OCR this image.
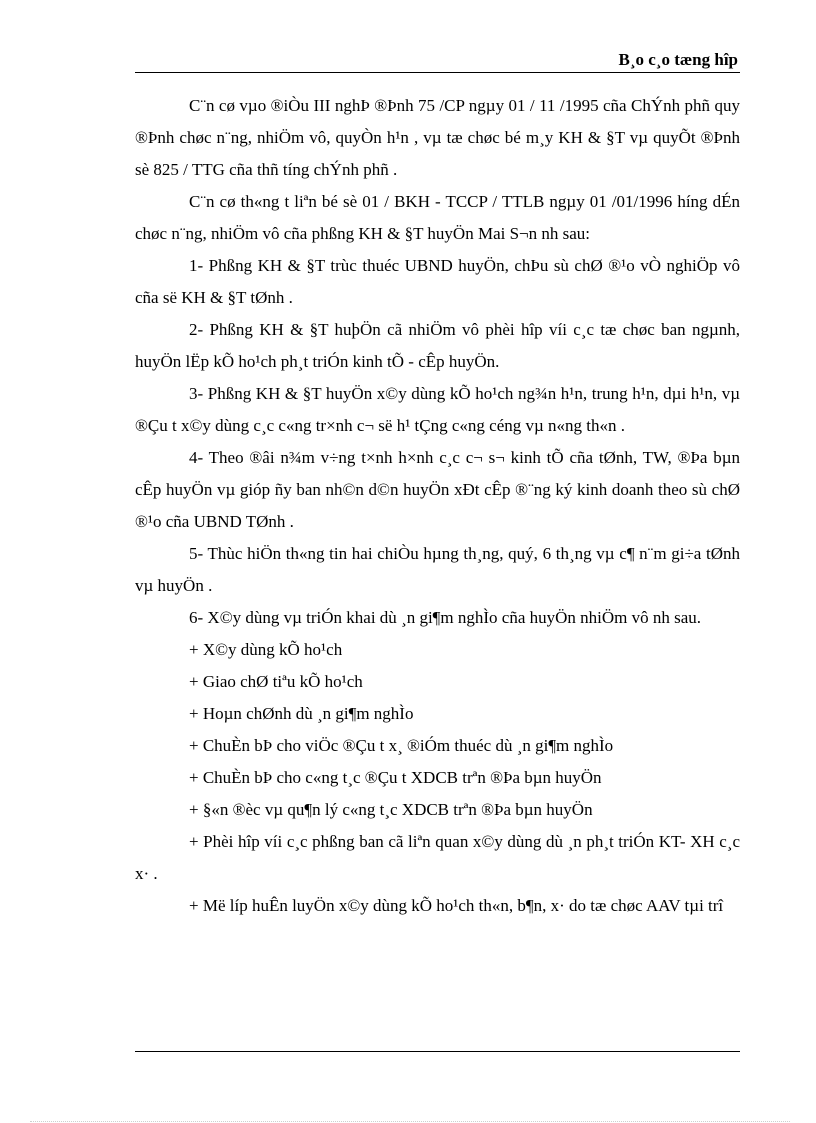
B¸o c¸o tæng hîp

C¨n cø vµo ®iÒu III nghÞ ®Þnh 75 /CP ngµy 01 / 11 /1995 cña ChÝnh phñ quy ®Þnh chøc n¨ng, nhiÖm vô, quyÒn h¹n , vµ tæ chøc bé m¸y KH & §T vµ quyÕt ®Þnh sè 825 / TTG cña thñ tíng chÝnh phñ .

C¨n cø th«ng t liªn bé sè 01 / BKH - TCCP / TTLB ngµy 01 /01/1996 híng dÉn chøc n¨ng, nhiÖm vô cña phßng KH & §T huyÖn Mai S¬n nh sau:

1- Phßng KH & §T trùc thuéc UBND huyÖn, chÞu sù chØ ®¹o vÒ nghiÖp vô cña së KH & §T tØnh .

2- Phßng KH & §T huþÖn cã nhiÖm vô phèi hîp víi c¸c tæ chøc ban ngµnh, huyÖn lËp kÕ ho¹ch ph¸t triÓn kinh tÕ - cÊp huyÖn.

3- Phßng KH & §T huyÖn x©y dùng kÕ ho¹ch ng¾n h¹n, trung h¹n, dµi h¹n, vµ ®Çu t x©y dùng c¸c c«ng tr×nh c¬ së h¹ tÇng c«ng céng vµ n«ng th«n .

4- Theo ®âi n¾m v÷ng t×nh h×nh c¸c c¬ s¬ kinh tÕ cña tØnh, TW, ®Þa bµn cÊp huyÖn vµ gióp ñy ban nh©n d©n huyÖn xÐt cÊp ®¨ng ký kinh doanh theo sù chØ ®¹o cña UBND TØnh .

5- Thùc hiÖn th«ng tin hai chiÒu hµng th¸ng, quý, 6 th¸ng vµ c¶ n¨m gi÷a tØnh vµ huyÖn .

6- X©y dùng vµ triÓn khai dù ¸n gi¶m nghÌo cña huyÖn nhiÖm vô nh sau.

+ X©y dùng kÕ ho¹ch

+ Giao chØ tiªu kÕ ho¹ch

+ Hoµn chØnh dù ¸n gi¶m nghÌo

+ ChuÈn bÞ cho viÖc ®Çu t x¸ ®iÓm thuéc dù ¸n gi¶m nghÌo

+ ChuÈn bÞ cho c«ng t¸c ®Çu t XDCB trªn ®Þa bµn huyÖn

+ §«n ®èc vµ qu¶n lý c«ng t¸c XDCB trªn ®Þa bµn huyÖn

+ Phèi hîp víi c¸c phßng ban cã liªn quan x©y dùng dù ¸n ph¸t triÓn KT- XH c¸c x· .

+ Më líp huÊn luyÖn x©y dùng kÕ ho¹ch th«n, b¶n, x· do tæ chøc AAV tµi trî
